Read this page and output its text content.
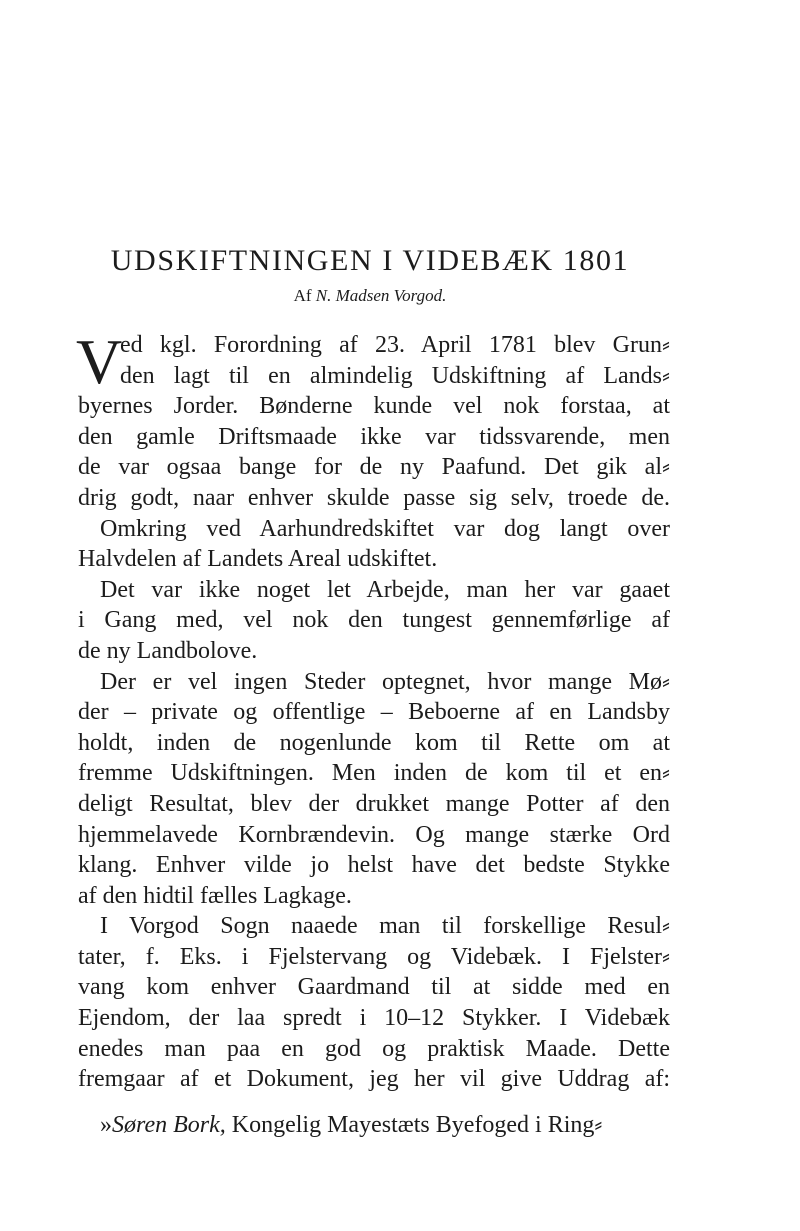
UDSKIFTNINGEN I VIDEBÆK 1801
Af N. Madsen Vorgod.
V
ed kgl. Forordning af 23. April 1781 blev Grun⸗
den lagt til en almindelig Udskiftning af Lands⸗
byernes Jorder. Bønderne kunde vel nok forstaa, at
den gamle Driftsmaade ikke var tidssvarende, men
de var ogsaa bange for de ny Paafund. Det gik al⸗
drig godt, naar enhver skulde passe sig selv, troede de.
Omkring ved Aarhundredskiftet var dog langt over
Halvdelen af Landets Areal udskiftet.
Det var ikke noget let Arbejde, man her var gaaet
i Gang med, vel nok den tungest gennemførlige af
de ny Landbolove.
Der er vel ingen Steder optegnet, hvor mange Mø⸗
der – private og offentlige – Beboerne af en Landsby
holdt, inden de nogenlunde kom til Rette om at
fremme Udskiftningen. Men inden de kom til et en⸗
deligt Resultat, blev der drukket mange Potter af den
hjemmelavede Kornbrændevin. Og mange stærke Ord
klang. Enhver vilde jo helst have det bedste Stykke
af den hidtil fælles Lagkage.
I Vorgod Sogn naaede man til forskellige Resul⸗
tater, f. Eks. i Fjelstervang og Videbæk. I Fjelster⸗
vang kom enhver Gaardmand til at sidde med en
Ejendom, der laa spredt i 10–12 Stykker. I Videbæk
enedes man paa en god og praktisk Maade. Dette
fremgaar af et Dokument, jeg her vil give Uddrag af:
»Søren Bork, Kongelig Mayestæts Byefoged i Ring⸗
